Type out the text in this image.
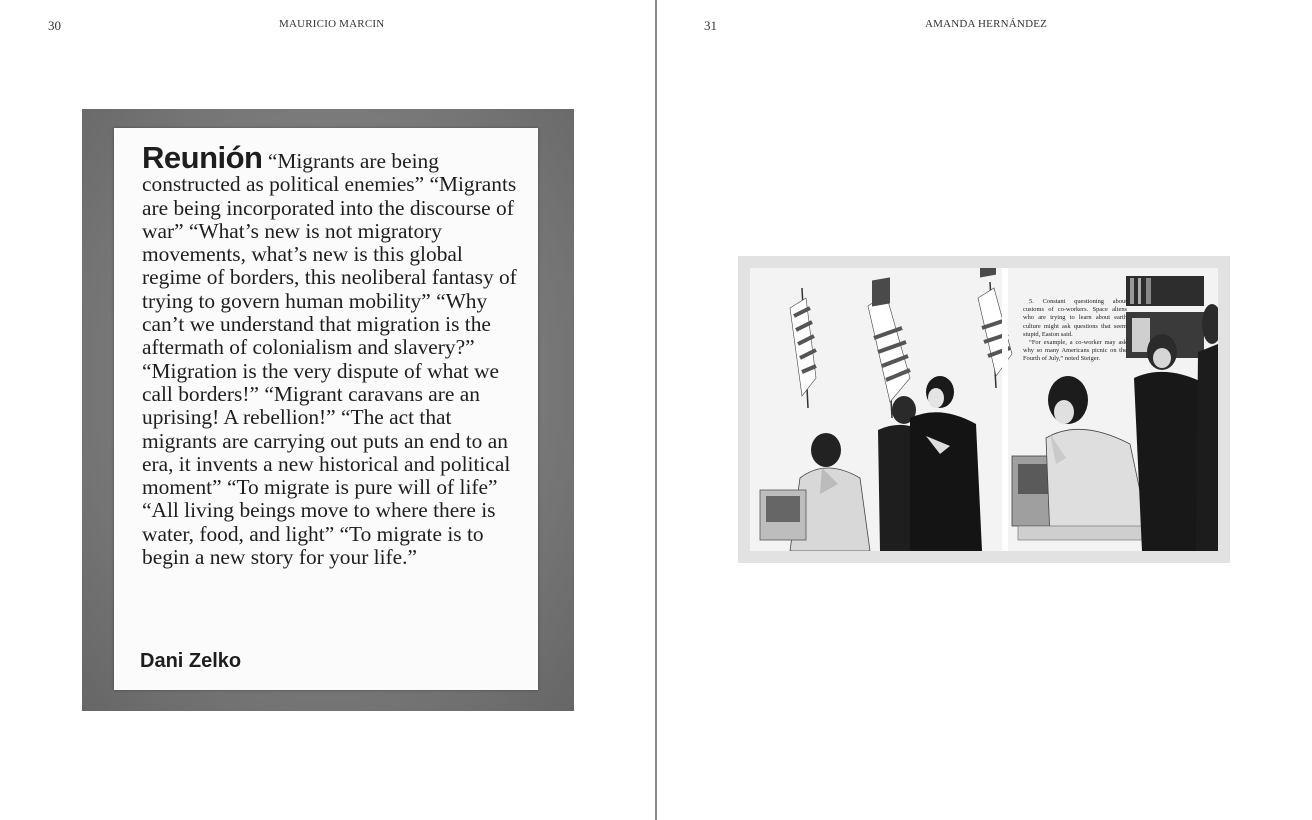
30	MAURICIO MARCIN

Reunión “Migrants are being constructed as political enemies” “Migrants are being incorporated into the discourse of war” “What’s new is not migratory movements, what’s new is this global regime of borders, this neoliberal fantasy of trying to govern human mobility” “Why can’t we understand that migration is the aftermath of colonialism and slavery?” “Migration is the very dispute of what we call borders!” “Migrant caravans are an uprising! A rebellion!” “The act that migrants are carrying out puts an end to an era, it invents a new historical and political moment” “To migrate is pure will of life” “All living beings move to where there is water, food, and light” “To migrate is to begin a new story for your life.”

Dani Zelko
31	AMANDA HERNÁNDEZ

5. Constant questioning about customs of co-workers. Space aliens who are trying to learn about earth culture might ask questions that seem stupid, Easton said.

“For example, a co-worker may ask why so many Americans picnic on the Fourth of July,” noted Steiger.
